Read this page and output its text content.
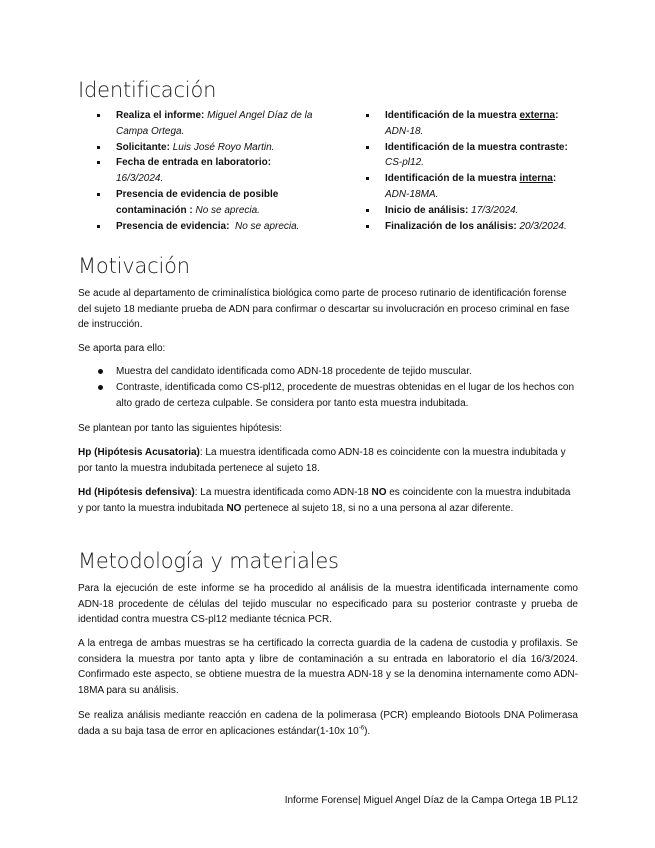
Identificación
Realiza el informe: Miguel Angel Díaz de la Campa Ortega.
Solicitante: Luis José Royo Martin.
Fecha de entrada en laboratorio:
16/3/2024.
Presencia de evidencia de posible contaminación : No se aprecia.
Presencia de evidencia: No se aprecia.
Identificación de la muestra externa:
ADN-18.
Identificación de la muestra contraste:
CS-pl12.
Identificación de la muestra interna:
ADN-18MA.
Inicio de análisis: 17/3/2024.
Finalización de los análisis: 20/3/2024.
Motivación

Se acude al departamento de criminalística biológica como parte de proceso rutinario de identificación forense del sujeto 18 mediante prueba de ADN para confirmar o descartar su involucración en proceso criminal en fase de instrucción.

Se aporta para ello:

Muestra del candidato identificada como ADN-18 procedente de tejido muscular.
Contraste, identificada como CS-pl12, procedente de muestras obtenidas en el lugar de los hechos con alto grado de certeza culpable. Se considera por tanto esta muestra indubitada.

Se plantean por tanto las siguientes hipótesis:

Hp (Hipótesis Acusatoria): La muestra identificada como ADN-18 es coincidente con la muestra indubitada y por tanto la muestra indubitada pertenece al sujeto 18.

Hd (Hipótesis defensiva): La muestra identificada como ADN-18 NO es coincidente con la muestra indubitada y por tanto la muestra indubitada NO pertenece al sujeto 18, si no a una persona al azar diferente.

Metodología y materiales

Para la ejecución de este informe se ha procedido al análisis de la muestra identificada internamente como ADN-18 procedente de células del tejido muscular no especificado para su posterior contraste y prueba de identidad contra muestra CS-pl12 mediante técnica PCR.

A la entrega de ambas muestras se ha certificado la correcta guardia de la cadena de custodia y profilaxis. Se considera la muestra por tanto apta y libre de contaminación a su entrada en laboratorio el día 16/3/2024. Confirmado este aspecto, se obtiene muestra de la muestra ADN-18 y se la denomina internamente como ADN-18MA para su análisis.

Se realiza análisis mediante reacción en cadena de la polimerasa (PCR) empleando Biotools DNA Polimerasa dada a su baja tasa de error en aplicaciones estándar(1-10x $10^{-6}$).

Informe Forense| Miguel Angel Díaz de la Campa Ortega 1B PL12
